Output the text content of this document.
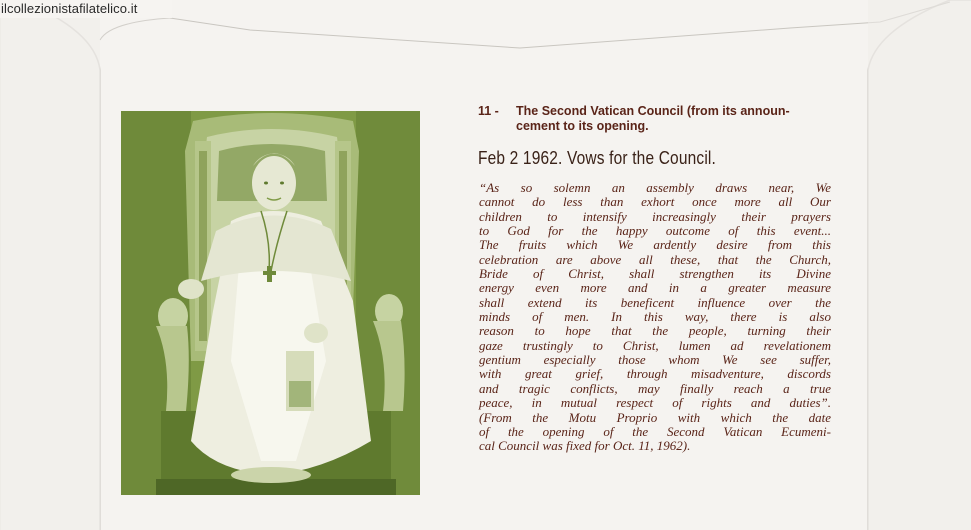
ilcollezionistafilatelico.it
11 -	The Second Vatican Council (from its announ-
cement to its opening.
Feb 2 1962. Vows for the Council.
“As so solemn an assembly draws near, We
cannot do less than exhort once more all Our
children to intensify increasingly their prayers
to God for the happy outcome of this event...
The fruits which We ardently desire from this
celebration are above all these, that the Church,
Bride of Christ, shall strengthen its Divine
energy even more and in a greater measure
shall extend its beneficent influence over the
minds of men. In this way, there is also
reason to hope that the people, turning their
gaze trustingly to Christ, lumen ad revelationem
gentium especially those whom We see suffer,
with great grief, through misadventure, discords
and tragic conflicts, may finally reach a true
peace, in mutual respect of rights and duties”.
(From the Motu Proprio with which the date
of the opening of the Second Vatican Ecumeni-
cal Council was fixed for Oct. 11, 1962).
